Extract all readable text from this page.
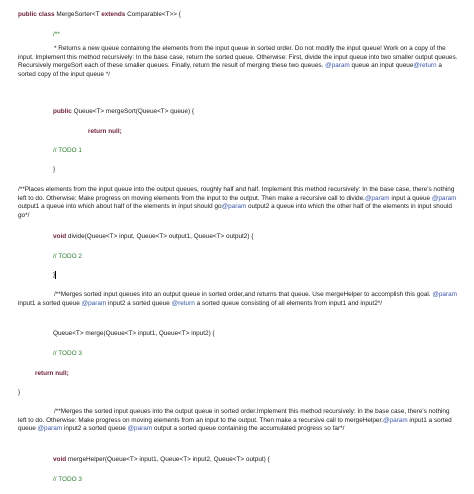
public class MergeSorter<T extends Comparable<T>> {
/**
* Returns a new queue containing the elements from the input queue in sorted order. Do not modify the input queue! Work on a copy of the input. Implement this method recursively: In the base case, return the sorted queue. Otherwise: First, divide the input queue into two smaller output queues. Recursively mergeSort each of these smaller queues. Finally, return the result of merging these two queues. @param queue an input queue@return a sorted copy of the input queue */
public Queue<T> mergeSort(Queue<T> queue) {
return null;
// TODO 1
}
/**Places elements from the input queue into the output queues, roughly half and half. Implement this method recursively: In the base case, there's nothing left to do. Otherwise: Make progress on moving elements from the input to the output. Then make a recursive call to divide.@param input a queue @param output1 a queue into which about half of the elements in input should go@param output2 a queue into which the other half of the elements in input should go*/
void divide(Queue<T> input, Queue<T> output1, Queue<T> output2) {
// TODO 2
}
/**Merges sorted input queues into an output queue in sorted order,and returns that queue. Use mergeHelper to accomplish this goal. @param input1 a sorted queue @param input2 a sorted queue @return a sorted queue consisting of all elements from input1 and input2*/
Queue<T> merge(Queue<T> input1, Queue<T> input2) {
// TODO 3
return null;
}
/**Merges the sorted input queues into the output queue in sorted order.Implement this method recursively: In the base case, there's nothing left to do. Otherwise: Make progress on moving elements from an input to the output. Then make a recursive call to mergeHelper.@param input1 a sorted queue @param input2 a sorted queue @param output a sorted queue containing the accumulated progress so far*/
void mergeHelper(Queue<T> input1, Queue<T> input2, Queue<T> output) {
// TODO 3
